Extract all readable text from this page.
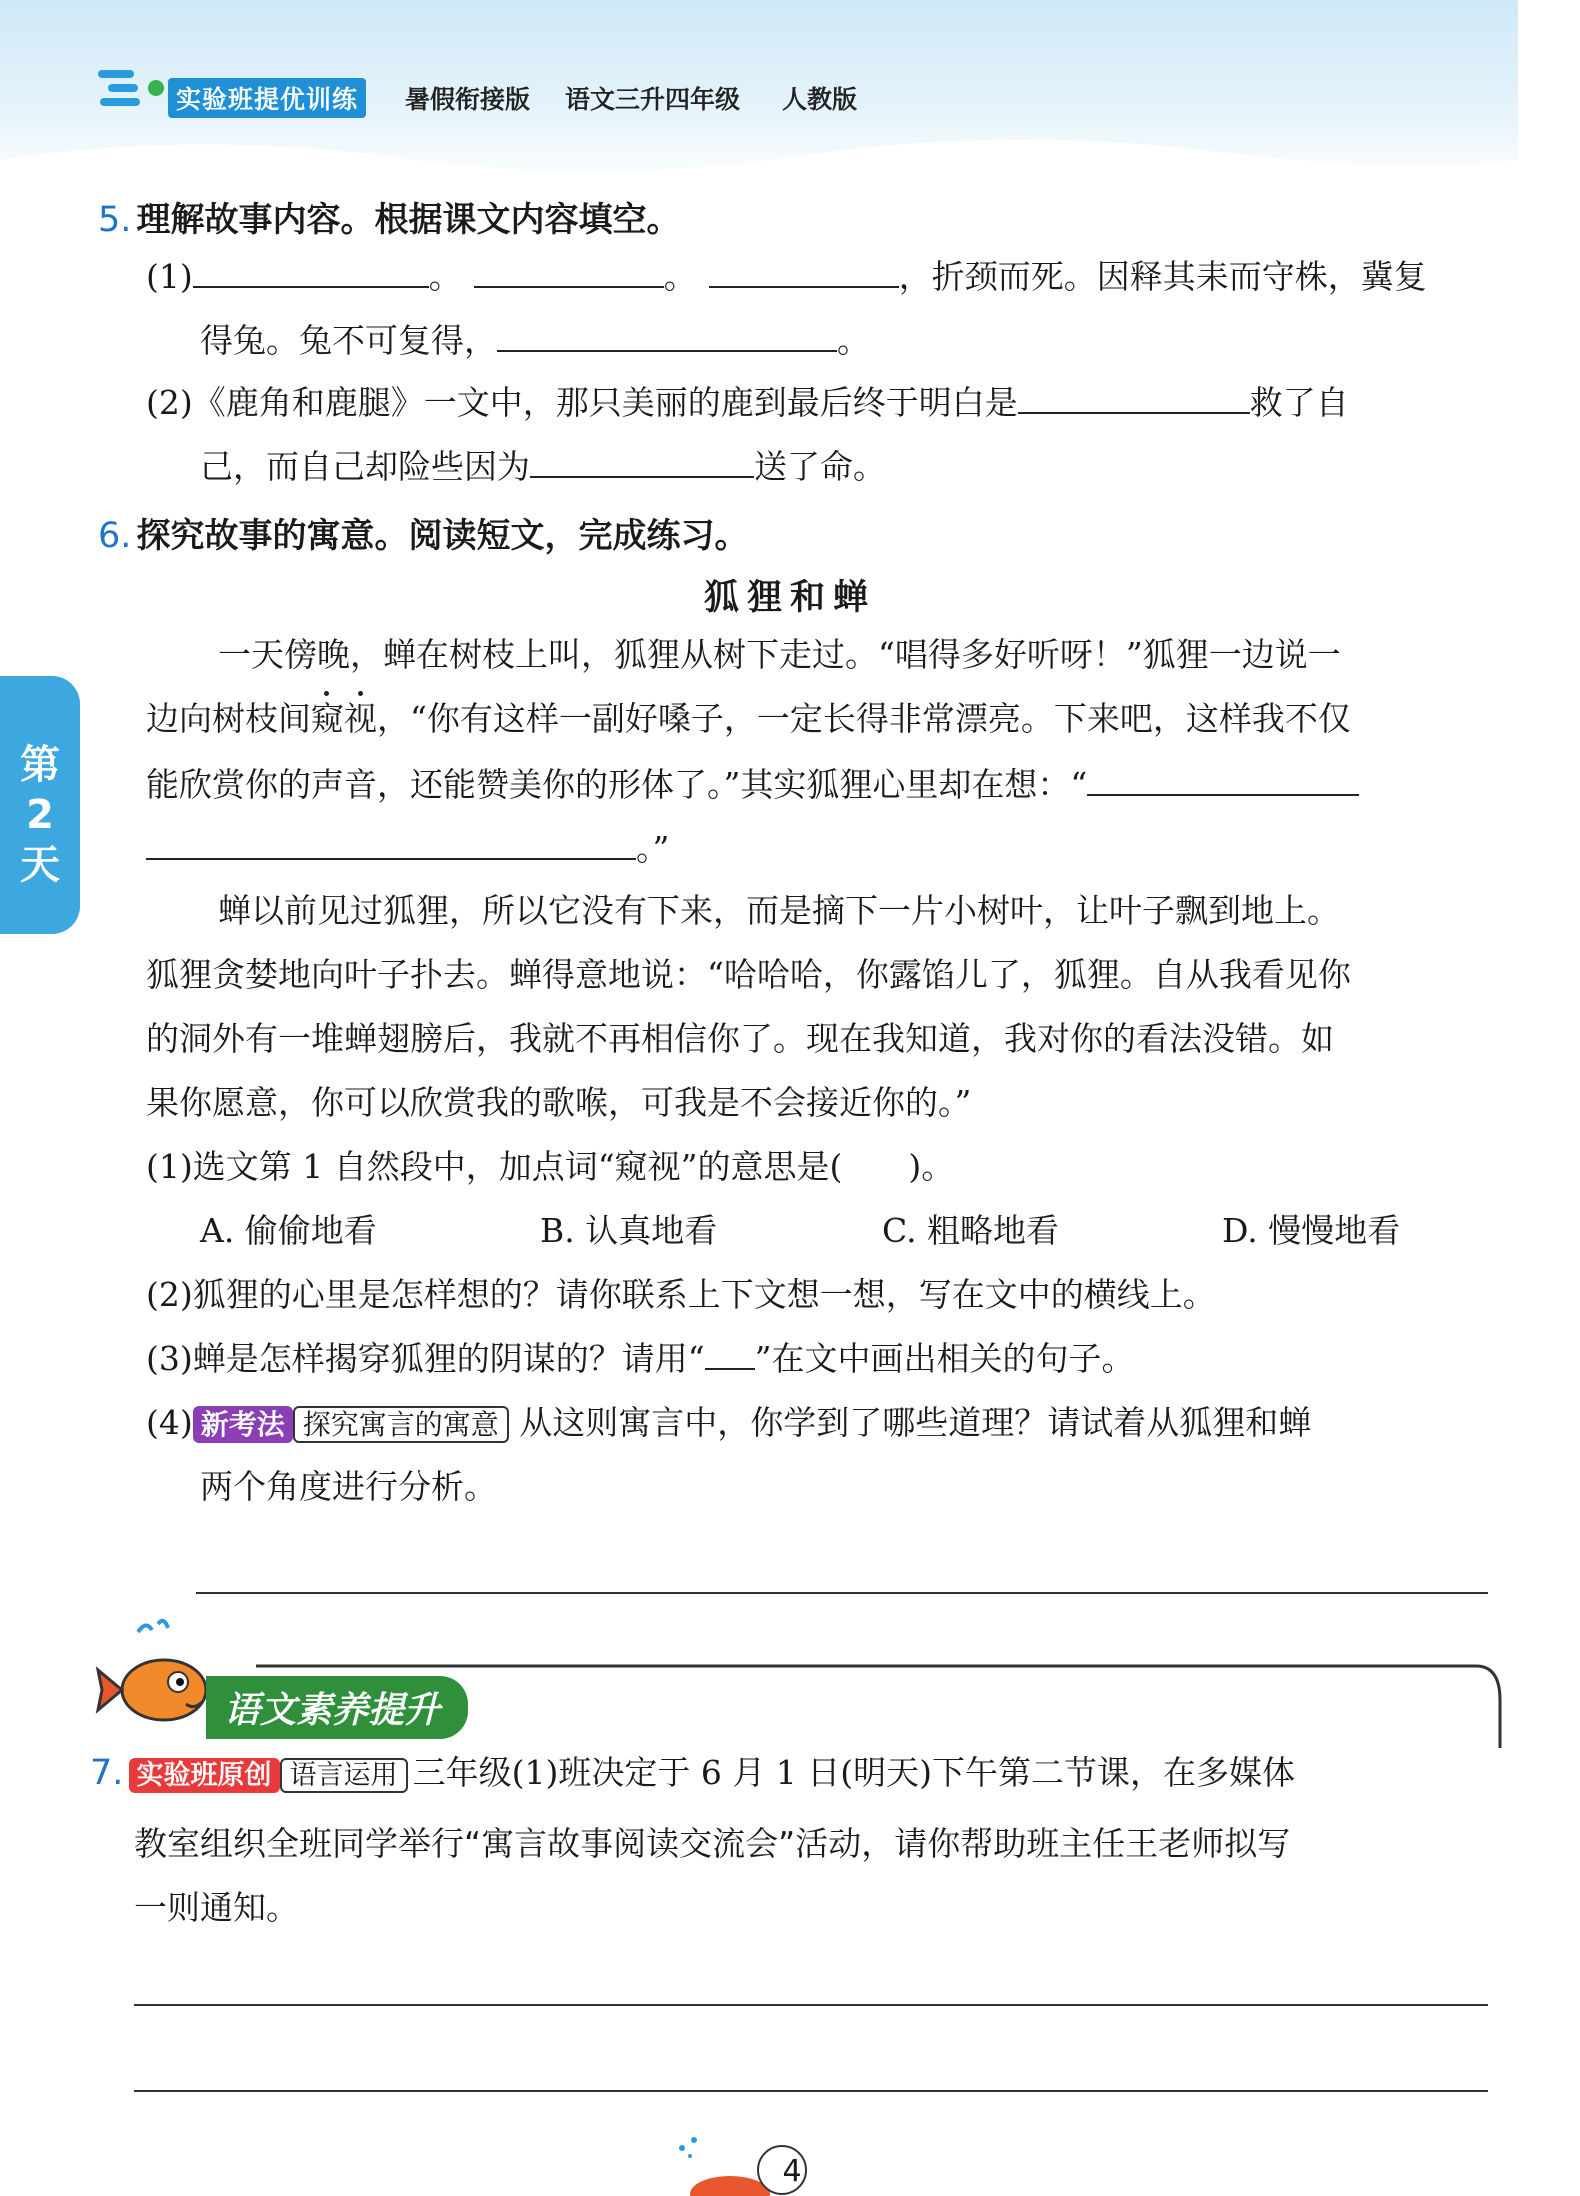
实验班提优训练	暑假衔接版 语文三升四年级 人教版
第
2
天
5. 理解故事内容。根据课文内容填空。
(1)	。	。	，折颈而死。因释其耒而守株，冀复
得兔。兔不可复得，	。
(2)《鹿角和鹿腿》一文中，那只美丽的鹿到最后终于明白是	救了自
己，而自己却险些因为	送了命。
6. 探究故事的寓意。阅读短文，完成练习。
狐狸和蝉
一天傍晚，蝉在树枝上叫，狐狸从树下走过。“唱得多好听呀！”狐狸一边说一
边向树枝间窥视
，“你有这样一副好嗓子，一定长得非常漂亮。下来吧，这样我不仅
能欣赏你的声音，还能赞美你的形体了。”其实狐狸心里却在想：“
。”
蝉以前见过狐狸，所以它没有下来，而是摘下一片小树叶，让叶子飘到地上。
狐狸贪婪地向叶子扑去。蝉得意地说：“哈哈哈，你露馅儿了，狐狸。自从我看见你
的洞外有一堆蝉翅膀后，我就不再相信你了。现在我知道，我对你的看法没错。如
果你愿意，你可以欣赏我的歌喉，可我是不会接近你的。”
(1)选文第 1 自然段中，加点词“窥视”的意思是(　　)。
A. 偷偷地看	B. 认真地看	C. 粗略地看	D. 慢慢地看
(2)狐狸的心里是怎样想的？请你联系上下文想一想，写在文中的横线上。
(3)蝉是怎样揭穿狐狸的阴谋的？请用“ ”在文中画出相关的句子。
(4) 新考法 探究寓言的寓意 从这则寓言中，你学到了哪些道理？请试着从狐狸和蝉
两个角度进行分析。
语文素养提升
7. 实验班原创 语言运用 三年级(1)班决定于 6 月 1 日(明天)下午第二节课，在多媒体
教室组织全班同学举行“寓言故事阅读交流会”活动，请你帮助班主任王老师拟写
一则通知。
4
